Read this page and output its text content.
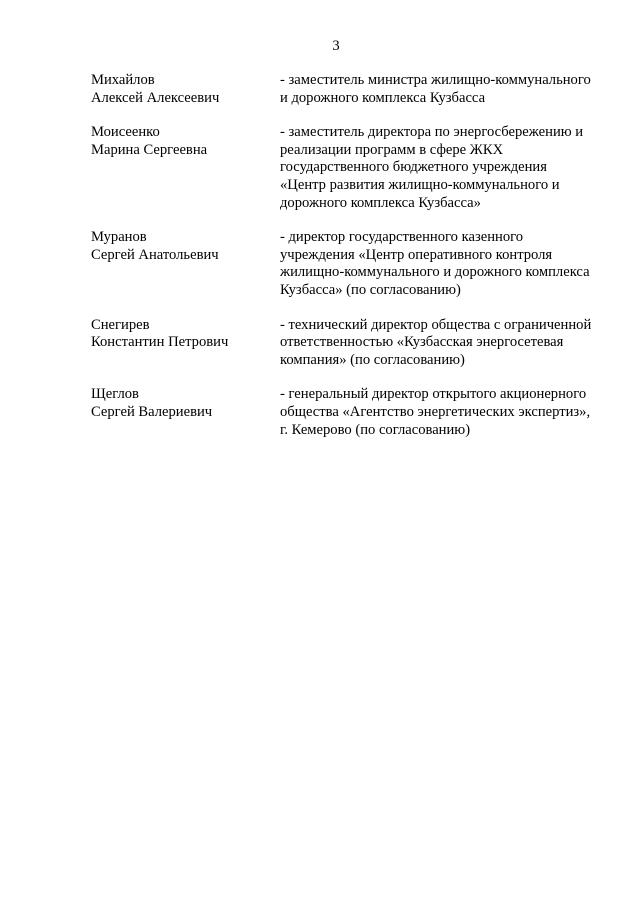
3
Михайлов
Алексей Алексеевич
- заместитель министра жилищно-коммунального
и дорожного комплекса Кузбасса
Моисеенко
Марина Сергеевна
- заместитель директора по энергосбережению и
реализации программ в сфере ЖКХ
государственного бюджетного учреждения
«Центр развития жилищно-коммунального и
дорожного комплекса Кузбасса»
Муранов
Сергей Анатольевич
- директор государственного казенного
учреждения «Центр оперативного контроля
жилищно-коммунального и дорожного комплекса
Кузбасса» (по согласованию)
Снегирев
Константин Петрович
- технический директор общества с ограниченной
ответственностью «Кузбасская энергосетевая
компания» (по согласованию)
Щеглов
Сергей Валериевич
- генеральный директор открытого акционерного
общества «Агентство энергетических экспертиз»,
г. Кемерово (по согласованию)
